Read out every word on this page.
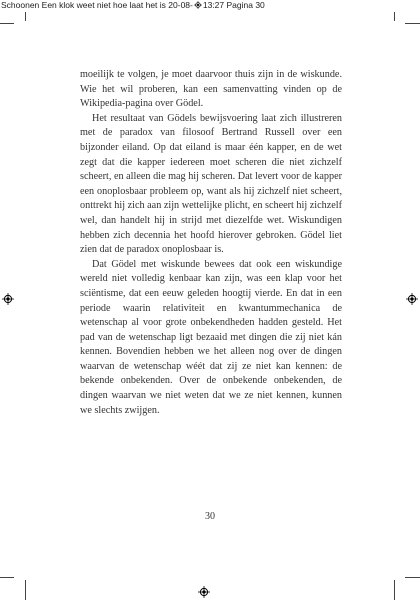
Schoonen Een klok weet niet hoe laat het is 20-08- 13:27 Pagina 30

moeilijk te volgen, je moet daarvoor thuis zijn in de wiskunde. Wie het wil proberen, kan een samenvatting vinden op de Wikipedia-pagina over Gödel.

Het resultaat van Gödels bewijsvoering laat zich illustreren met de paradox van filosoof Bertrand Russell over een bijzonder eiland. Op dat eiland is maar één kapper, en de wet zegt dat die kapper iedereen moet scheren die niet zichzelf scheert, en alleen die mag hij scheren. Dat levert voor de kapper een onoplosbaar probleem op, want als hij zichzelf niet scheert, onttrekt hij zich aan zijn wettelijke plicht, en scheert hij zichzelf wel, dan handelt hij in strijd met diezelfde wet. Wiskundigen hebben zich decennia het hoofd hierover gebroken. Gödel liet zien dat de paradox onoplosbaar is.

Dat Gödel met wiskunde bewees dat ook een wiskundige wereld niet volledig kenbaar kan zijn, was een klap voor het sciëntisme, dat een eeuw geleden hoogtij vierde. En dat in een periode waarin relativiteit en kwantummechanica de wetenschap al voor grote onbekendheden hadden gesteld. Het pad van de wetenschap ligt bezaaid met dingen die zij niet kán kennen. Bovendien hebben we het alleen nog over de dingen waarvan de wetenschap wéét dat zij ze niet kan kennen: de bekende onbekenden. Over de onbekende onbekenden, de dingen waarvan we niet weten dat we ze niet kennen, kunnen we slechts zwijgen.

30
